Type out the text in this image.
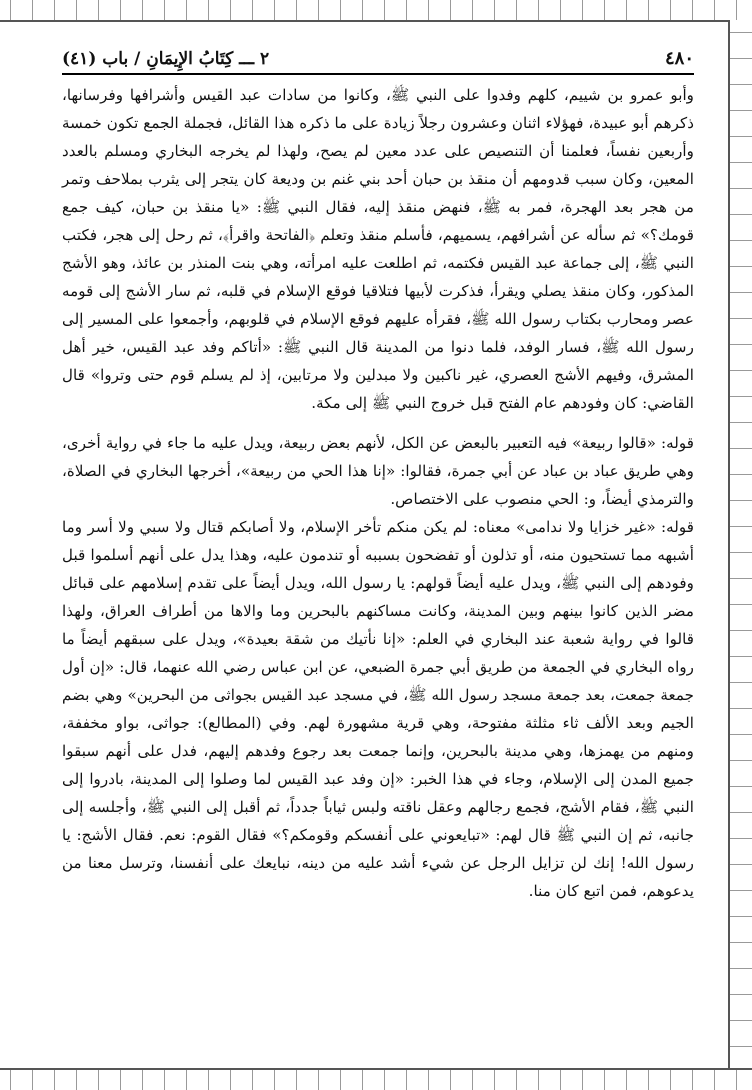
٤٨٠
٢ ـــ كِتَابُ الإِيمَانِ / باب (٤١)

وأبو عمرو بن شييم، كلهم وفدوا على النبي ﷺ، وكانوا من سادات عبد القيس وأشرافها وفرسانها، ذكرهم أبو عبيدة، فهؤلاء اثنان وعشرون رجلاً زيادة على ما ذكره هذا القائل، فجملة الجمع تكون خمسة وأربعين نفساً، فعلمنا أن التنصيص على عدد معين لم يصح، ولهذا لم يخرجه البخاري ومسلم بالعدد المعين، وكان سبب قدومهم أن منقذ بن حبان أحد بني غنم بن وديعة كان يتجر إلى يثرب بملاحف وتمر من هجر بعد الهجرة، فمر به ﷺ، فنهض منقذ إليه، فقال النبي ﷺ: «يا منقذ بن حبان، كيف جمع قومك؟» ثم سأله عن أشرافهم، يسميهم، فأسلم منقذ وتعلم ﴿الفاتحة واقرأ﴾، ثم رحل إلى هجر، فكتب النبي ﷺ، إلى جماعة عبد القيس فكتمه، ثم اطلعت عليه امرأته، وهي بنت المنذر بن عائذ، وهو الأشج المذكور، وكان منقذ يصلي ويقرأ، فذكرت لأبيها فتلاقيا فوقع الإسلام في قلبه، ثم سار الأشج إلى قومه عصر ومحارب بكتاب رسول الله ﷺ، فقرأه عليهم فوقع الإسلام في قلوبهم، وأجمعوا على المسير إلى رسول الله ﷺ، فسار الوفد، فلما دنوا من المدينة قال النبي ﷺ: «أتاكم وفد عبد القيس، خير أهل المشرق، وفيهم الأشج العصري، غير ناكبين ولا مبدلين ولا مرتابين، إذ لم يسلم قوم حتى وتروا» قال القاضي: كان وفودهم عام الفتح قبل خروج النبي ﷺ إلى مكة.

قوله: «قالوا ربيعة» فيه التعبير بالبعض عن الكل، لأنهم بعض ربيعة، ويدل عليه ما جاء في رواية أخرى، وهي طريق عباد بن عباد عن أبي جمرة، فقالوا: «إنا هذا الحي من ربيعة»، أخرجها البخاري في الصلاة، والترمذي أيضاً، و: الحي منصوب على الاختصاص.

قوله: «غير خزايا ولا ندامى» معناه: لم يكن منكم تأخر الإسلام، ولا أصابكم قتال ولا سبي ولا أسر وما أشبهه مما تستحيون منه، أو تذلون أو تفضحون بسببه أو تندمون عليه، وهذا يدل على أنهم أسلموا قبل وفودهم إلى النبي ﷺ، ويدل عليه أيضاً قولهم: يا رسول الله، ويدل أيضاً على تقدم إسلامهم على قبائل مضر الذين كانوا بينهم وبين المدينة، وكانت مساكنهم بالبحرين وما والاها من أطراف العراق، ولهذا قالوا في رواية شعبة عند البخاري في العلم: «إنا نأتيك من شقة بعيدة»، ويدل على سبقهم أيضاً ما رواه البخاري في الجمعة من طريق أبي جمرة الضبعي، عن ابن عباس رضي الله عنهما، قال: «إن أول جمعة جمعت، بعد جمعة مسجد رسول الله ﷺ، في مسجد عبد القيس بجواثى من البحرين» وهي بضم الجيم وبعد الألف ثاء مثلثة مفتوحة، وهي قرية مشهورة لهم. وفي (المطالع): جواثى، بواو مخففة، ومنهم من يهمزها، وهي مدينة بالبحرين، وإنما جمعت بعد رجوع وفدهم إليهم، فدل على أنهم سبقوا جميع المدن إلى الإسلام، وجاء في هذا الخبر: «إن وفد عبد القيس لما وصلوا إلى المدينة، بادروا إلى النبي ﷺ، فقام الأشج، فجمع رجالهم وعقل ناقته ولبس ثياباً جدداً، ثم أقبل إلى النبي ﷺ، وأجلسه إلى جانبه، ثم إن النبي ﷺ قال لهم: «تبايعوني على أنفسكم وقومكم؟» فقال القوم: نعم. فقال الأشج: يا رسول الله! إنك لن تزايل الرجل عن شيء أشد عليه من دينه، نبايعك على أنفسنا، وترسل معنا من يدعوهم، فمن اتبع كان منا.
